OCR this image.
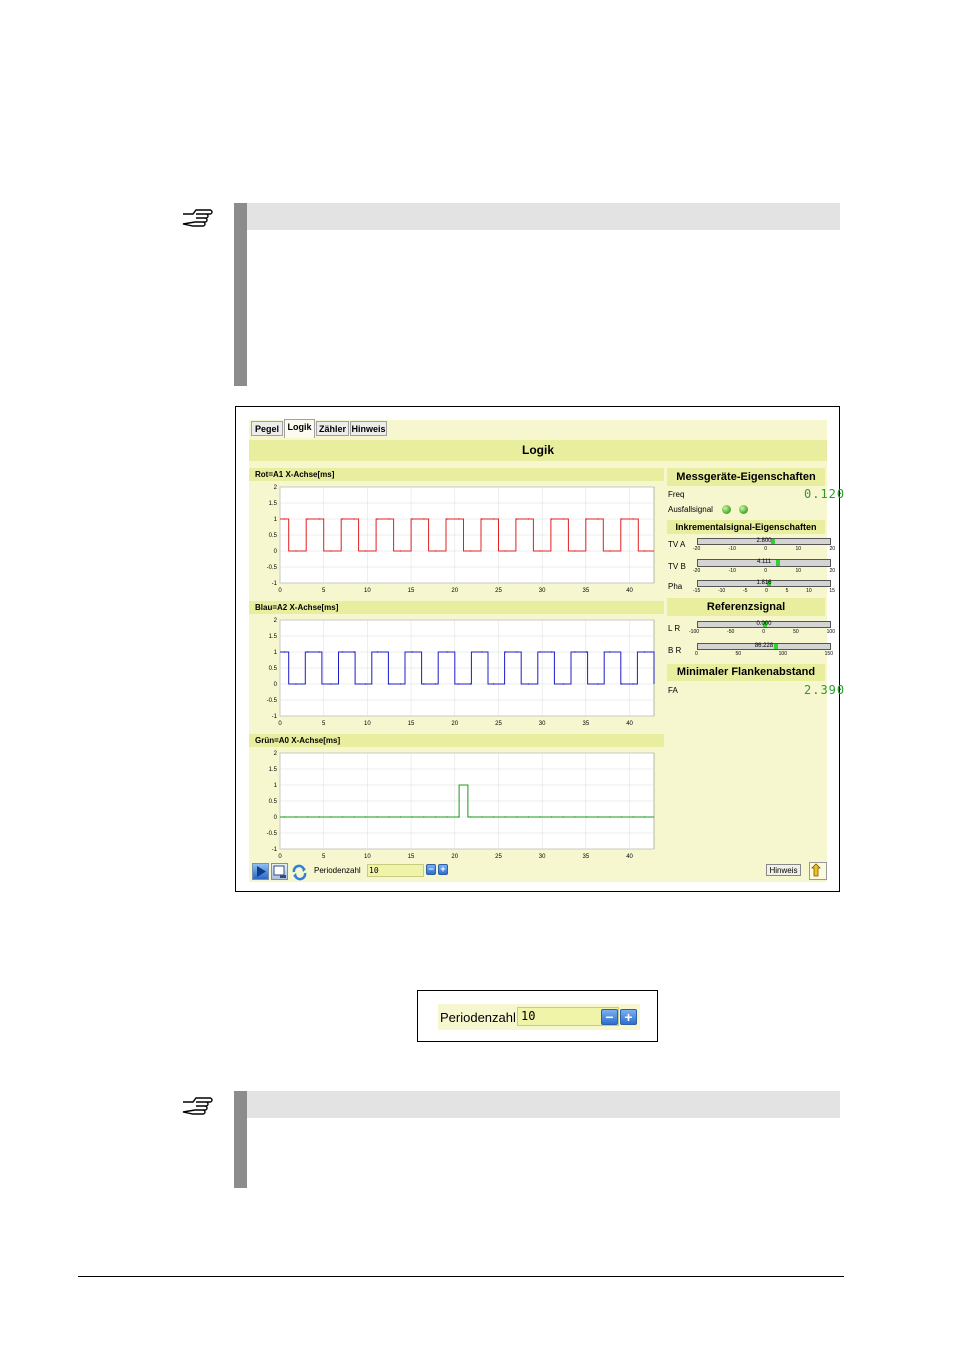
Pegel Logik Zähler Hinweis
Logik
Rot=A1 X-Achse[ms]
2
1.5
1
0.5
0
-0.5
-1
0	5	10	15	20	25	30	35	40
Blau=A2 X-Achse[ms]
2
1.5
1
0.5
0
-0.5
-1
0	5	10	15	20	25	30	35	40
Grün=A0 X-Achse[ms]
2
1.5
1
0.5
0
-0.5
-1
0	5	10	15	20	25	30	35	40
Messgeräte-Eigenschaften
Freq	0.120
Ausfallsignal
Inkrementalsignal-Eigenschaften
TV A	2.800
-20	-10	0	10	20
TV B	4.111
-20	-10	0	10	20
Pha	1.816
-15	-10	-5	0	5	10	15
Referenzsignal
L R	0.000
-100	-50	0	50	100
B R	86.228
0	50	100	150
Minimaler Flankenabstand
FA	2.390
Periodenzahl 10	− +	Hinweis
Periodenzahl 10	− +
